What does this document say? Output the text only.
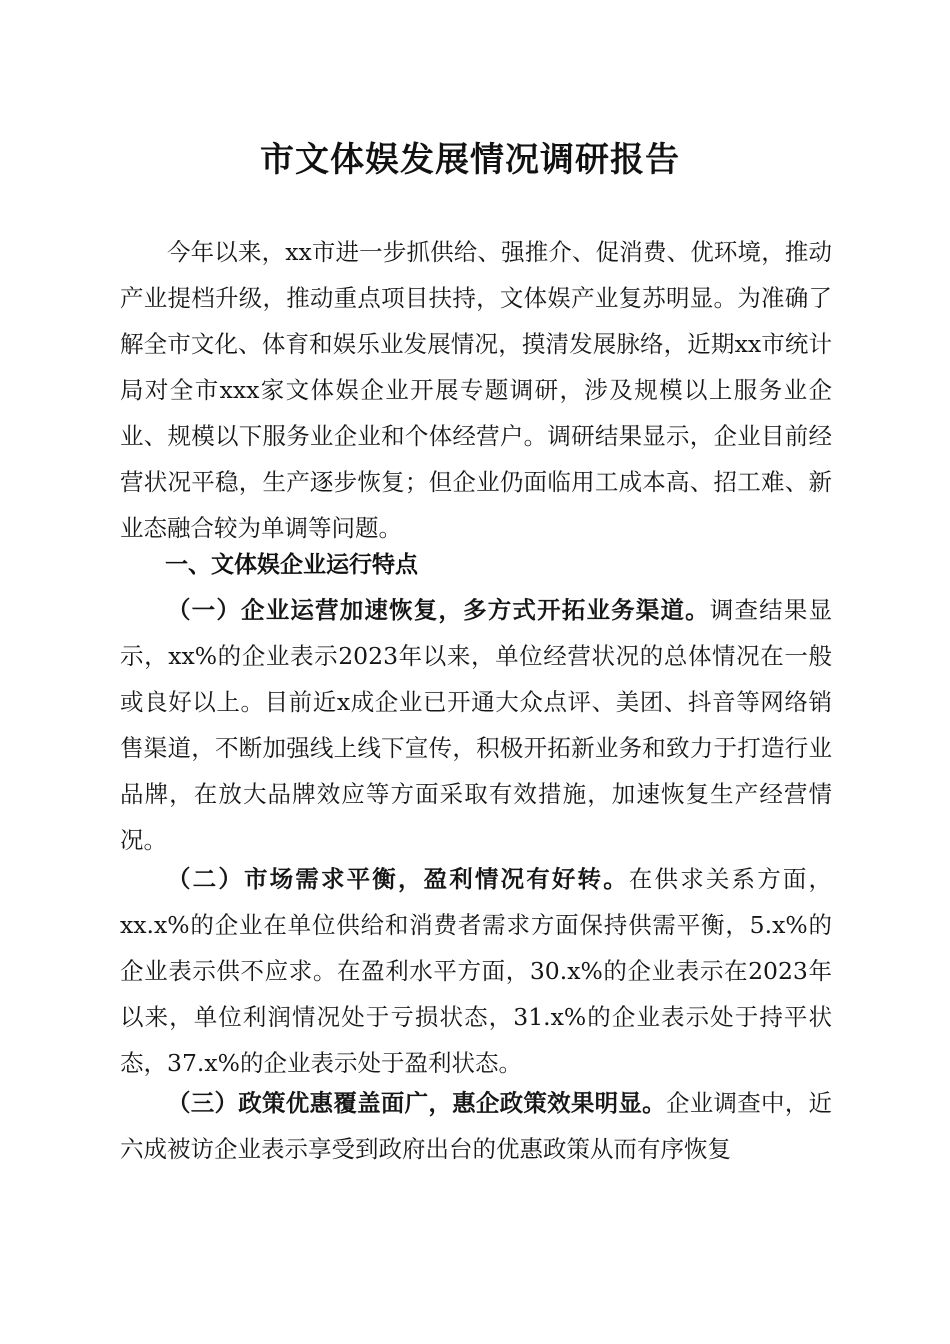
市文体娱发展情况调研报告

今年以来，xx市进一步抓供给、强推介、促消费、优环境，推动产业提档升级，推动重点项目扶持，文体娱产业复苏明显。为准确了解全市文化、体育和娱乐业发展情况，摸清发展脉络，近期xx市统计局对全市xxx家文体娱企业开展专题调研，涉及规模以上服务业企业、规模以下服务业企业和个体经营户。调研结果显示，企业目前经营状况平稳，生产逐步恢复；但企业仍面临用工成本高、招工难、新业态融合较为单调等问题。

一、文体娱企业运行特点

（一）企业运营加速恢复，多方式开拓业务渠道。调查结果显示，xx%的企业表示2023年以来，单位经营状况的总体情况在一般或良好以上。目前近x成企业已开通大众点评、美团、抖音等网络销售渠道，不断加强线上线下宣传，积极开拓新业务和致力于打造行业品牌，在放大品牌效应等方面采取有效措施，加速恢复生产经营情况。

（二）市场需求平衡，盈利情况有好转。在供求关系方面，xx.x%的企业在单位供给和消费者需求方面保持供需平衡，5.x%的企业表示供不应求。在盈利水平方面，30.x%的企业表示在2023年以来，单位利润情况处于亏损状态，31.x%的企业表示处于持平状态，37.x%的企业表示处于盈利状态。

（三）政策优惠覆盖面广，惠企政策效果明显。企业调查中，近六成被访企业表示享受到政府出台的优惠政策从而有序恢复
